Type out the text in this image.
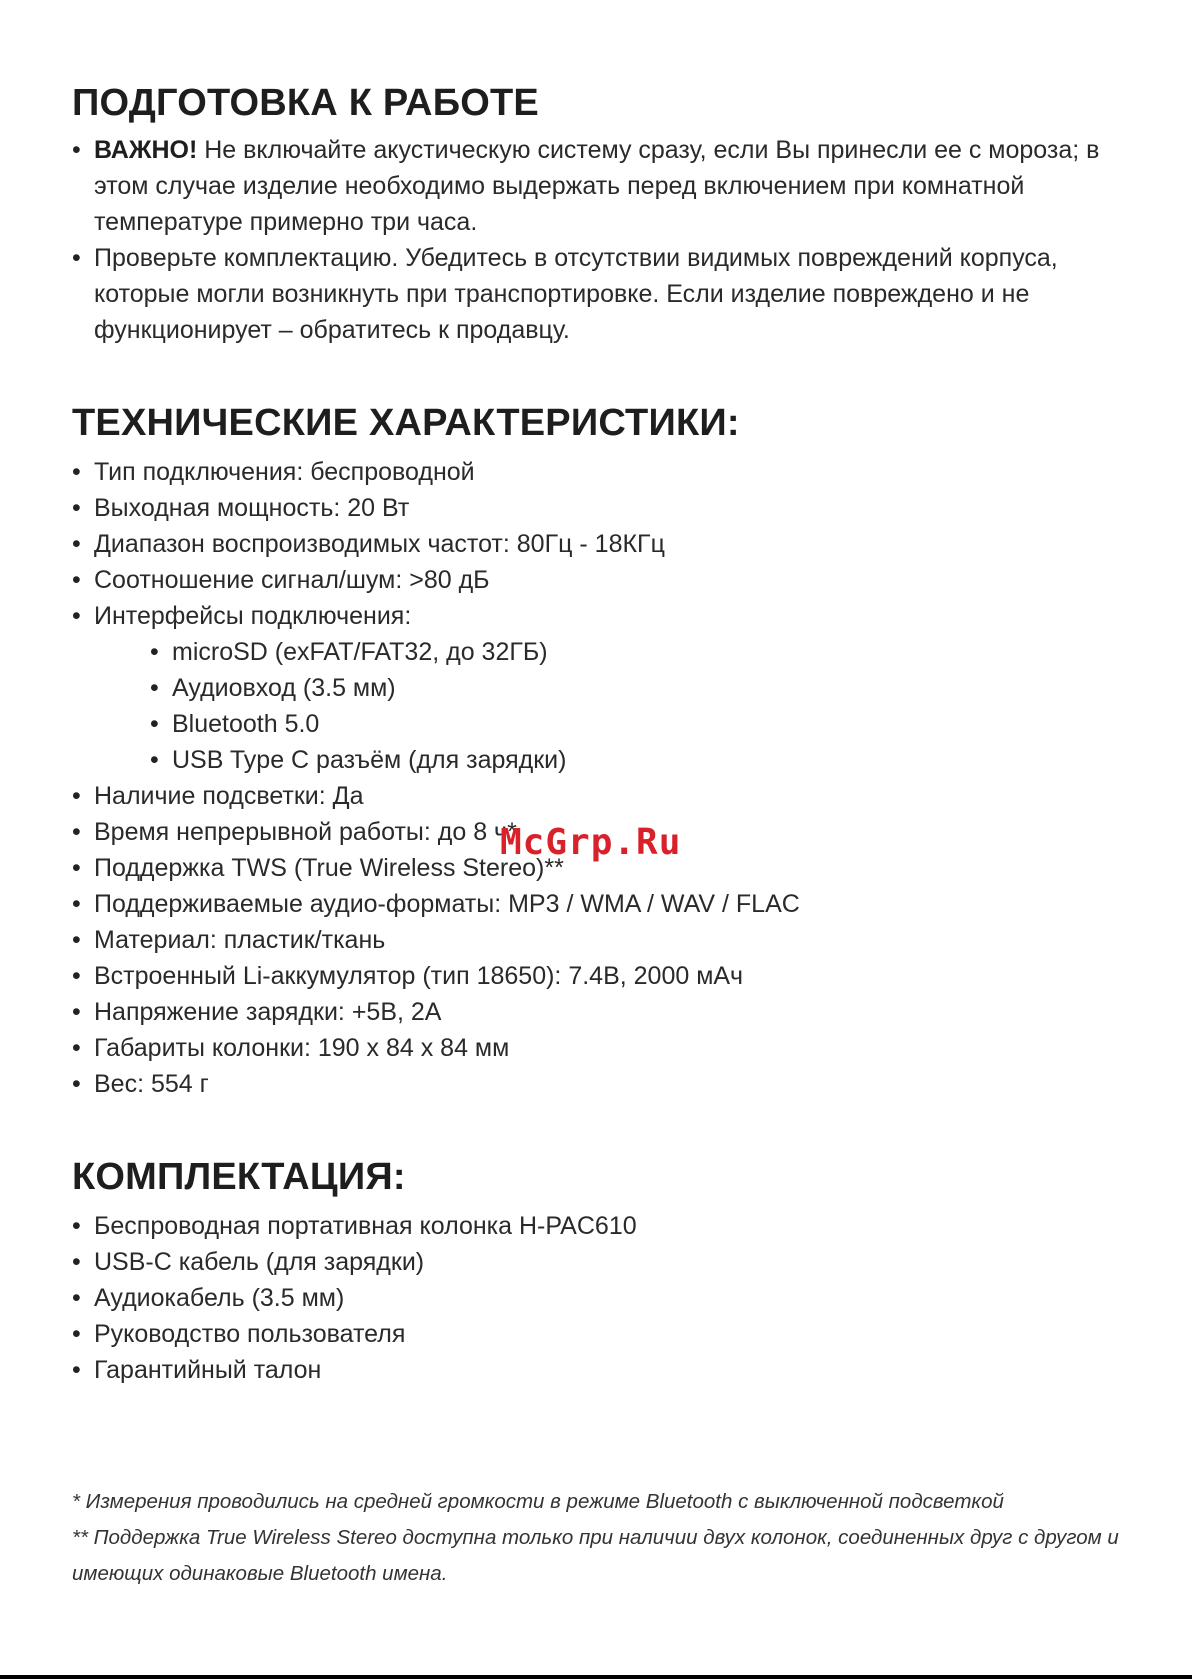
ПОДГОТОВКА К РАБОТЕ
• ВАЖНО! Не включайте акустическую систему сразу, если Вы принесли ее с мороза; в этом случае изделие необходимо выдержать перед включением при комнатной температуре примерно три часа.
• Проверьте комплектацию. Убедитесь в отсутствии видимых повреждений корпуса, которые могли возникнуть при транспортировке. Если изделие повреждено и не функционирует – обратитесь к продавцу.
ТЕХНИЧЕСКИЕ ХАРАКТЕРИСТИКИ:
• Тип подключения: беспроводной
• Выходная мощность: 20 Вт
• Диапазон воспроизводимых частот: 80Гц - 18КГц
• Соотношение сигнал/шум: >80 дБ
• Интерфейсы подключения:
• microSD (exFAT/FAT32, до 32ГБ)
• Аудиовход (3.5 мм)
• Bluetooth 5.0
• USB Type C разъём (для зарядки)
• Наличие подсветки: Да
• Время непрерывной работы: до 8 ч*
• Поддержка TWS (True Wireless Stereo)**
• Поддерживаемые аудио-форматы: MP3 / WMA / WAV / FLAC
• Материал: пластик/ткань
• Встроенный Li-аккумулятор (тип 18650): 7.4В, 2000 мАч
• Напряжение зарядки: +5В, 2А
• Габариты колонки: 190 х 84 х 84 мм
• Вес: 554 г
КОМПЛЕКТАЦИЯ:
• Беспроводная портативная колонка H-PAC610
• USB-C кабель (для зарядки)
• Аудиокабель (3.5 мм)
• Руководство пользователя
• Гарантийный талон

* Измерения проводились на средней громкости в режиме Bluetooth с выключенной подсветкой

** Поддержка True Wireless Stereo доступна только при наличии двух колонок, соединенных друг с другом и имеющих одинаковые Bluetooth имена.

McGrp.Ru
